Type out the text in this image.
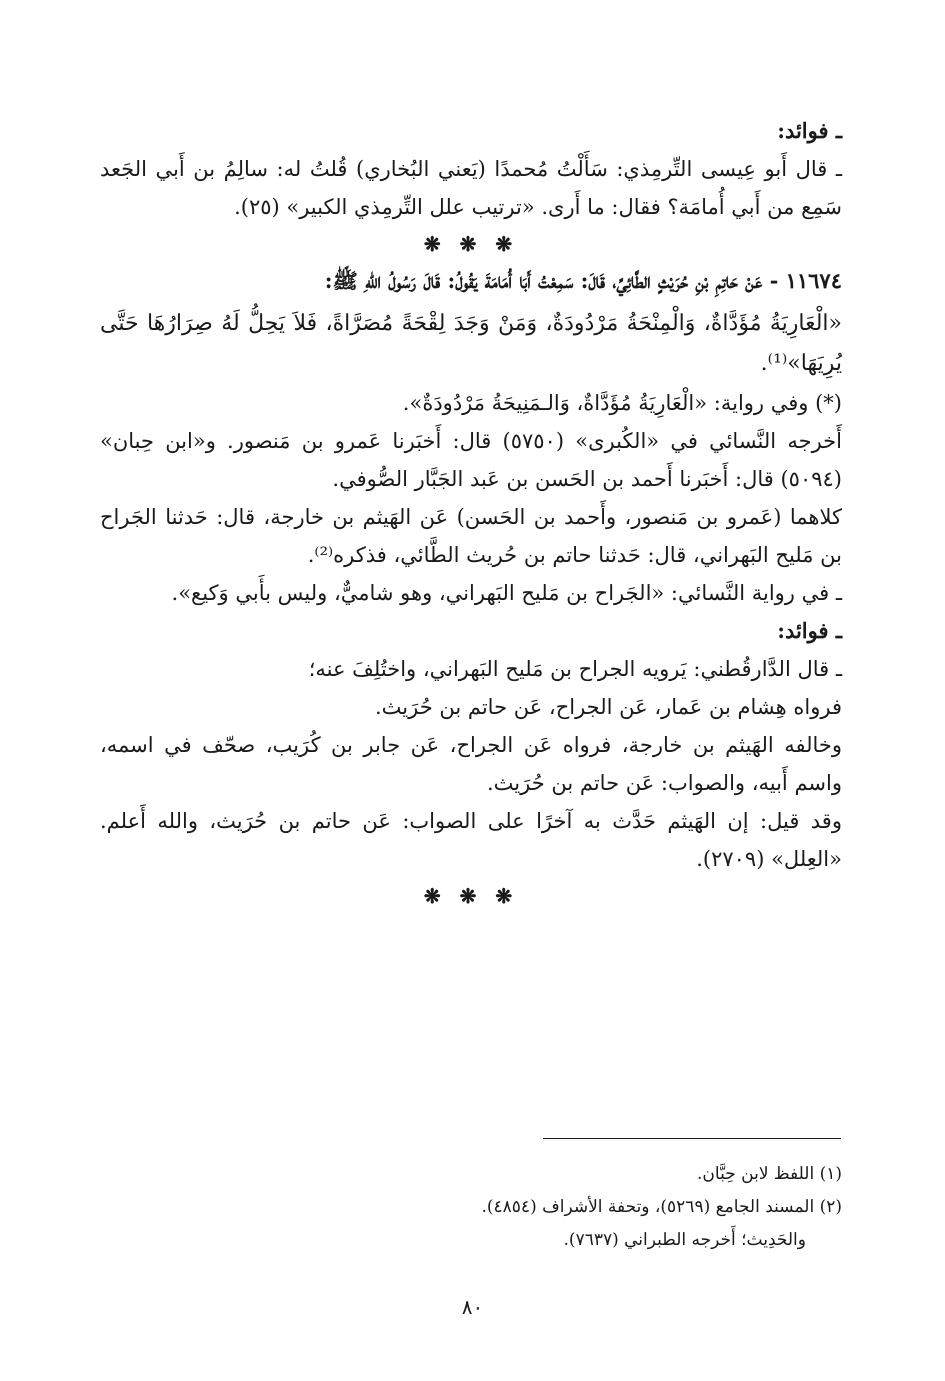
ـ فوائد:

ـ قال أَبو عِيسى التِّرمِذي: سَأَلْتُ مُحمدًا (يَعني البُخاري) قُلتُ له: سالِمُ بن أَبي الجَعد سَمِع من أَبي أُمامَة؟ فقال: ما أَرى. «ترتيب علل التِّرمِذي الكبير» (٢٥).

❋ ❋ ❋

١١٦٧٤ - عَنْ حَاتِمِ بْنِ حُرَيْثٍ الطَّائِيِّ، قَالَ: سَمِعْتُ أَبَا أُمَامَةَ يَقُولُ: قَالَ رَسُولُ اللهِ ﷺ:

«الْعَارِيَةُ مُؤَدَّاةٌ، وَالْمِنْحَةُ مَرْدُودَةٌ، وَمَنْ وَجَدَ لِقْحَةً مُصَرَّاةً، فَلاَ يَحِلُّ لَهُ صِرَارُهَا حَتَّى يُرِيَهَا»⁽¹⁾.

(*) وفي رواية: «الْعَارِيَةُ مُؤَدَّاةٌ، وَالـمَنِيحَةُ مَرْدُودَةٌ».

أَخرجه النَّسائي في «الكُبرى» (٥٧٥٠) قال: أَخبَرنا عَمرو بن مَنصور. و«ابن حِبان» (٥٠٩٤) قال: أَخبَرنا أَحمد بن الحَسن بن عَبد الجَبَّار الصُّوفي.

كلاهما (عَمرو بن مَنصور، وأَحمد بن الحَسن) عَن الهَيثم بن خارجة، قال: حَدثنا الجَراح بن مَليح البَهراني، قال: حَدثنا حاتم بن حُريث الطَّائي، فذكره⁽²⁾.

ـ في رواية النَّسائي: «الجَراح بن مَليح البَهراني، وهو شاميٌّ، وليس بأَبي وَكيع».

ـ فوائد:

ـ قال الدَّارقُطني: يَرويه الجراح بن مَليح البَهراني، واختُلِفَ عنه؛

فرواه هِشام بن عَمار، عَن الجراح، عَن حاتم بن حُرَيث.

وخالفه الهَيثم بن خارجة، فرواه عَن الجراح، عَن جابر بن كُرَيب، صحّف في اسمه، واسم أَبيه، والصواب: عَن حاتم بن حُرَيث.

وقد قيل: إن الهَيثم حَدَّث به آخرًا على الصواب: عَن حاتم بن حُرَيث، والله أَعلم. «العِلل» (٢٧٠٩).

❋ ❋ ❋

(١) اللفظ لابن حِبَّان.

(٢) المسند الجامع (٥٢٦٩)، وتحفة الأشراف (٤٨٥٤).

والحَدِيث؛ أَخرجه الطبراني (٧٦٣٧).

٨٠
